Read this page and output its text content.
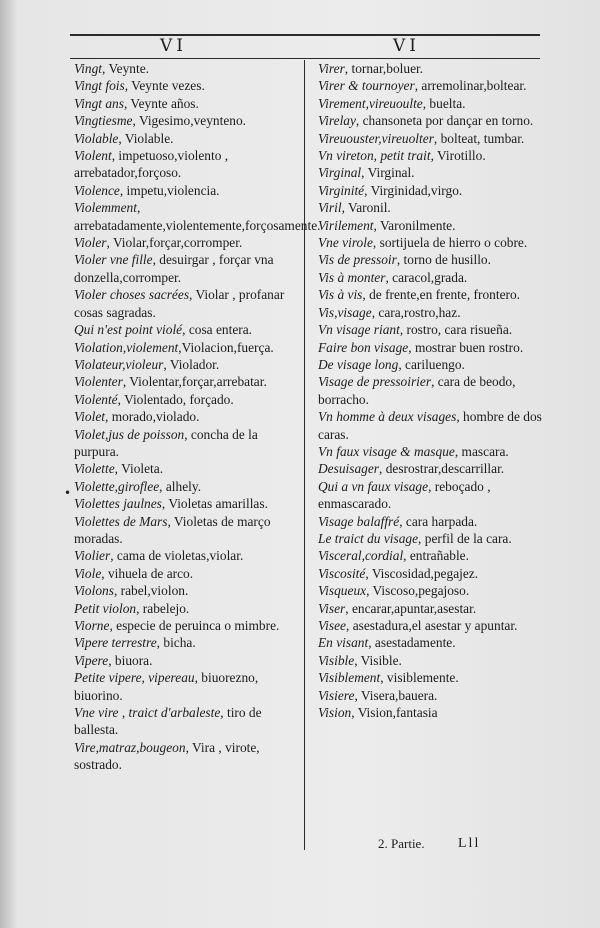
VI	VI
•

Vingt, Veynte.

Vingt fois, Veynte vezes.

Vingt ans, Veynte años.

Vingtiesme, Vigesimo,veynteno.

Violable, Violable.

Violent, impetuoso,violento , arrebatador,forçoso.

Violence, impetu,violencia.

Violemment, arrebatadamente,violentemente,forçosamente.

Violer, Violar,forçar,corromper.

Violer vne fille, desuirgar , forçar vna donzella,corromper.

Violer choses sacrées, Violar , profanar cosas sagradas.

Qui n'est point violé, cosa entera.

Violation,violement,Violacion,fuerça.

Violateur,violeur, Violador.

Violenter, Violentar,forçar,arrebatar.

Violenté, Violentado, forçado.

Violet, morado,violado.

Violet,jus de poisson, concha de la purpura.

Violette, Violeta.

Violette,giroflee, alhely.

Violettes jaulnes, Violetas amarillas.

Violettes de Mars, Violetas de março moradas.

Violier, cama de violetas,violar.

Viole, vihuela de arco.

Violons, rabel,violon.

Petit violon, rabelejo.

Viorne, especie de peruinca o mimbre.

Vipere terrestre, bicha.

Vipere, biuora.

Petite vipere, vipereau, biuorezno, biuorino.

Vne vire , traict d'arbaleste, tiro de ballesta.

Vire,matraz,bougeon, Vira , virote, sostrado.

Virer, tornar,boluer.

Virer & tournoyer, arremolinar,boltear.

Virement,vireuoulte, buelta.

Virelay, chansoneta por dançar en torno.

Vireuouster,vireuolter, bolteat, tumbar.

Vn vireton, petit trait, Virotillo.

Virginal, Virginal.

Virginité, Virginidad,virgo.

Viril, Varonil.

Virilement, Varonilmente.

Vne virole, sortijuela de hierro o cobre.

Vis de pressoir, torno de husillo.

Vis à monter, caracol,grada.

Vis à vis, de frente,en frente, frontero.

Vis,visage, cara,rostro,haz.

Vn visage riant, rostro, cara risueña.

Faire bon visage, mostrar buen rostro.

De visage long, cariluengo.

Visage de pressoirier, cara de beodo, borracho.

Vn homme à deux visages, hombre de dos caras.

Vn faux visage & masque, mascara.

Desuisager, desrostrar,descarrillar.

Qui a vn faux visage, reboçado , enmascarado.

Visage balaffré, cara harpada.

Le traict du visage, perfil de la cara.

Visceral,cordial, entrañable.

Viscosité, Viscosidad,pegajez.

Visqueux, Viscoso,pegajoso.

Viser, encarar,apuntar,asestar.

Visee, asestadura,el asestar y apuntar.

En visant, asestadamente.

Visible, Visible.

Visiblement, visiblemente.

Visiere, Visera,bauera.

Vision, Vision,fantasia

2. Partie. Lll
